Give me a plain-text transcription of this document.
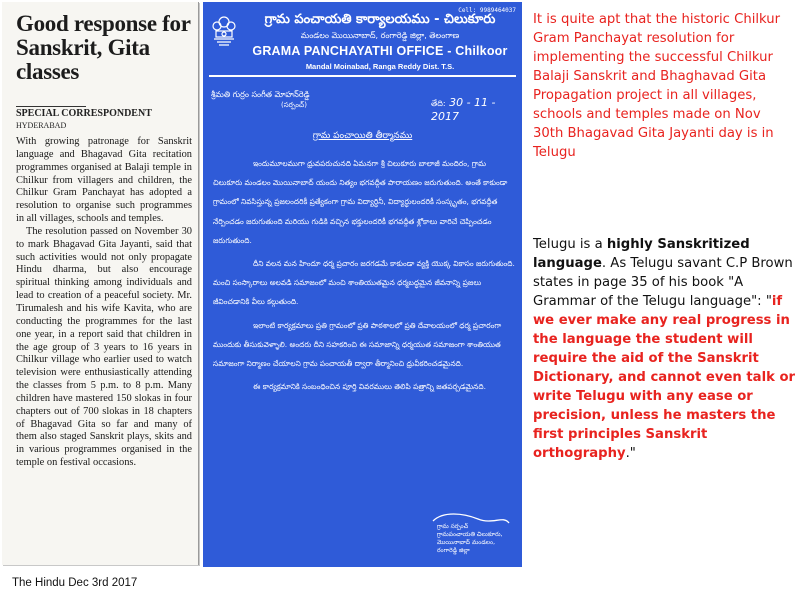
Good response for Sanskrit, Gita classes
SPECIAL CORRESPONDENT
HYDERABAD

With growing patronage for Sanskrit language and Bhagavad Gita recitation programmes organised at Balaji temple in Chilkur from villagers and children, the Chilkur Gram Panchayat has adopted a resolution to organise such programmes in all villages, schools and temples.

The resolution passed on November 30 to mark Bhagavad Gita Jayanti, said that such activities would not only propagate Hindu dharma, but also encourage spiritual thinking among individuals and lead to creation of a peaceful society. Mr. Tirumalesh and his wife Kavita, who are conducting the programmes for the last one year, in a report said that children in the age group of 3 years to 16 years in Chilkur village who earlier used to watch television were enthusiastically attending the classes from 5 p.m. to 8 p.m. Many children have mastered 150 slokas in four chapters out of 700 slokas in 18 chapters of Bhagavad Gita so far and many of them also staged Sanskrit plays, skits and in various programmes organised in the temple on festival occasions.

Cell: 9989464037
గ్రామ పంచాయతి కార్యాలయము - చిలుకూరు
మండలం మొయినాబాద్, రంగారెడ్డి జిల్లా, తెలంగాణ
GRAMA PANCHAYATHI OFFICE - Chilkoor
Mandal Moinabad, Ranga Reddy Dist. T.S.
శ్రీమతి గుర్రం సంగీత మోహన్‌రెడ్డి
(సర్పంచ్)	తేది: 30 - 11 - 2017
గ్రామ పంచాయితి తీర్మానము

ఇందుమూలముగా ధ్రువపరుచునది ఏమనగా శ్రీ చిలుకూరు బాలాజీ మందిరం, గ్రామ చిలుకూరు మండలం మొయినాబాద్ యందు నిత్యం భగవద్గీత పారాయణం జరుగుతుంది. అంతే కాకుండా గ్రామంలో నివసిస్తున్న ప్రజలందరికీ ప్రత్యేకంగా గ్రామ విద్యార్థినీ, విద్యార్థులందరికీ సంస్కృతం, భగవద్గీత నేర్పించడం జరుగుతుంది మరియు గుడికి వచ్చిన భక్తులందరికీ భగవద్గీత శ్లోకాలు వారిచే చెప్పించడం జరుగుతుంది.

దీని వలన మన హిందూ ధర్మ ప్రచారం జరగడమే కాకుండా వ్యక్తి యొక్క వికాసం జరుగుతుంది. మంచి సంస్కారాలు అలవడి సమాజంలో మంచి శాంతియుతమైన ధర్మబద్ధమైన జీవనాన్ని ప్రజలు జీవించడానికి వీలు కల్గుతుంది.

ఇలాంటి కార్యక్రమాలు ప్రతి గ్రామంలో ప్రతి పాఠశాలలో ప్రతి దేవాలయంలో ధర్మ ప్రచారంగా ముందుకు తీసుకువెళ్ళాలి. అందరు దీని సహకరించి ఈ సమాజాన్ని ధర్మయుత సమాజంగా శాంతియుత సమాజంగా నిర్మాణం చేయాలని గ్రామ పంచాయతీ ద్వారా తీర్మానించి ధ్రువీకరించడమైనది.

ఈ కార్యక్రమానికి సంబంధించిన పూర్తి వివరములు తెలిపి పత్రాన్ని జతపర్చడమైనది.

గ్రామ సర్పంచ్
గ్రామపంచాయతి చిలుకూరు,
మొయినాబాద్ మండలం,
రంగారెడ్డి జిల్లా

It is quite apt that the historic Chilkur Gram Panchayat resolution for implementing the successful Chilkur Balaji Sanskrit and Bhaghavad Gita Propagation project in all villages, schools and temples made on Nov 30th Bhagavad Gita Jayanti day is in Telugu

Telugu is a highly Sanskritized language. As Telugu savant C.P Brown states in page 35 of his book "A Grammar of the Telugu language": "if we ever make any real progress in the language the student will require the aid of the Sanskrit Dictionary, and cannot even talk or write Telugu with any ease or precision, unless he masters the first principles Sanskrit orthography."
The Hindu Dec 3rd 2017
